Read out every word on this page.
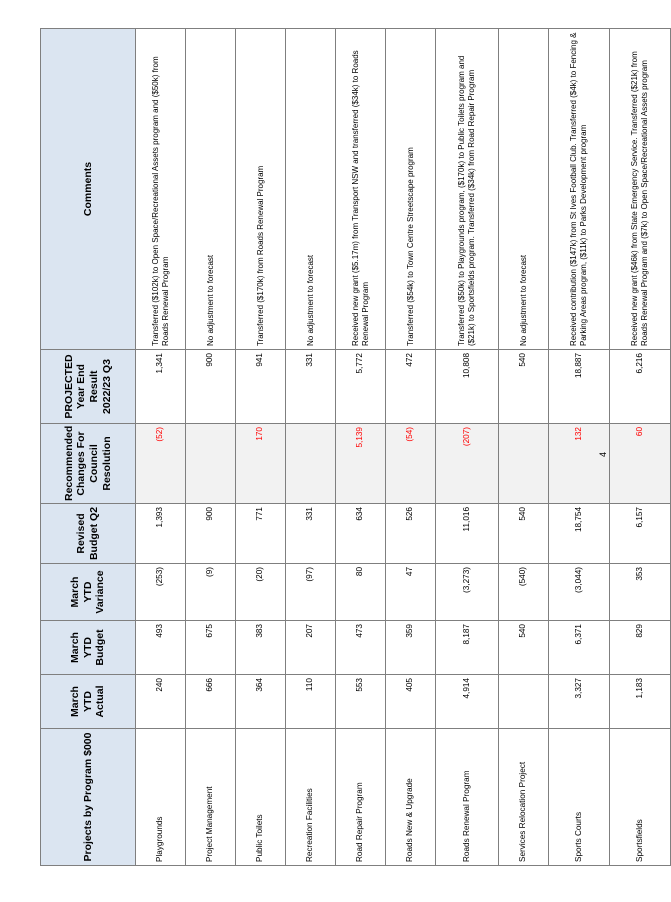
Projects by Program $000	March YTD Actual	March YTD Budget	March YTD Variance	Revised Budget Q2	Recommended Changes For Council Resolution	PROJECTED Year End Result 2022/23 Q3	Comments
Playgrounds	240	493	(253)	1,393	(52)	1,341	Transferred ($102k) to Open Space/Recreational Assets program and ($50k) from Roads Renewal Program
Project Management	666	675	(9)	900		900	No adjustment to forecast
Public Toilets	364	383	(20)	771	170	941	Transferred ($170k) from Roads Renewal Program
Recreation Facilities	110	207	(97)	331		331	No adjustment to forecast
Road Repair Program	553	473	80	634	5,139	5,772	Received new grant ($5.17m) from Transport NSW and transferred ($34k) to Roads Renewal Program
Roads New & Upgrade	405	359	47	526	(54)	472	Transferred ($54k) to Town Centre Streetscape program
Roads Renewal Program	4,914	8,187	(3,273)	11,016	(207)	10,808	Transferred ($50k) to Playgrounds program, ($170k) to Public Toilets program and ($21k) to Sportsfields program. Transferred ($34k) from Road Repair Program
Services Relocation Project		540	(540)	540		540	No adjustment to forecast
Sports Courts	3,327	6,371	(3,044)	18,754	132	18,887	Received contribution ($147k) from St Ives Football Club. Transferred ($4k) to Fencing & Parking Areas program, ($11k) to Parks Development program
Sportsfields	1,183	829	353	6,157	60	6,216	Received new grant ($46k) from State Emergency Service. Transferred ($21k) from Roads Renewal Program and ($7k) to Open Space/Recreational Assets program
4
